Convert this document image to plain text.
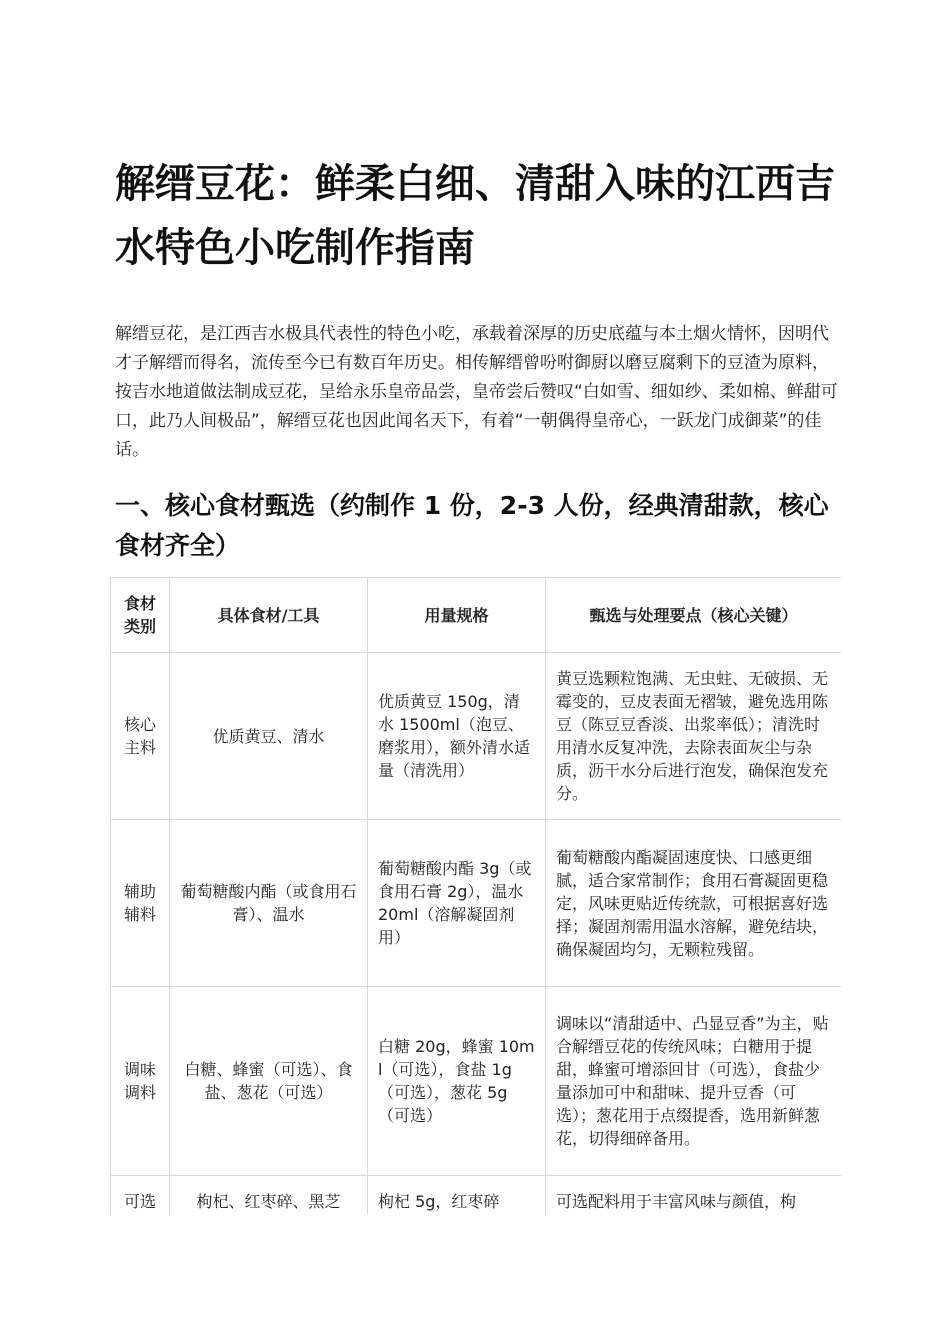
解缙豆花：鲜柔白细、清甜入味的江西吉水特色小吃制作指南

解缙豆花，是江西吉水极具代表性的特色小吃，承载着深厚的历史底蕴与本土烟火情怀，因明代才子解缙而得名，流传至今已有数百年历史。相传解缙曾吩咐御厨以磨豆腐剩下的豆渣为原料，按吉水地道做法制成豆花，呈给永乐皇帝品尝，皇帝尝后赞叹“白如雪、细如纱、柔如棉、鲜甜可口，此乃人间极品”，解缙豆花也因此闻名天下，有着“一朝偶得皇帝心，一跃龙门成御菜”的佳话。

一、核心食材甄选（约制作 1 份，2-3 人份，经典清甜款，核心食材齐全）
食材类别	具体食材/工具	用量规格	甄选与处理要点（核心关键）
核心主料	优质黄豆、清水	优质黄豆 150g，清水 1500ml（泡豆、磨浆用），额外清水适量（清洗用）	黄豆选颗粒饱满、无虫蛀、无破损、无霉变的，豆皮表面无褶皱，避免选用陈豆（陈豆豆香淡、出浆率低）；清洗时用清水反复冲洗，去除表面灰尘与杂质，沥干水分后进行泡发，确保泡发充分。
辅助辅料	葡萄糖酸内酯（或食用石膏）、温水	葡萄糖酸内酯 3g（或食用石膏 2g），温水 20ml（溶解凝固剂用）	葡萄糖酸内酯凝固速度快、口感更细腻，适合家常制作；食用石膏凝固更稳定，风味更贴近传统款，可根据喜好选择；凝固剂需用温水溶解，避免结块，确保凝固均匀，无颗粒残留。
调味调料	白糖、蜂蜜（可选）、食盐、葱花（可选）	白糖 20g，蜂蜜 10ml（可选），食盐 1g（可选），葱花 5g（可选）	调味以“清甜适中、凸显豆香”为主，贴合解缙豆花的传统风味；白糖用于提甜，蜂蜜可增添回甘（可选），食盐少量添加可中和甜味、提升豆香（可选）；葱花用于点缀提香，选用新鲜葱花，切得细碎备用。
可选	枸杞、红枣碎、黑芝	枸杞 5g，红枣碎	可选配料用于丰富风味与颜值，枸
